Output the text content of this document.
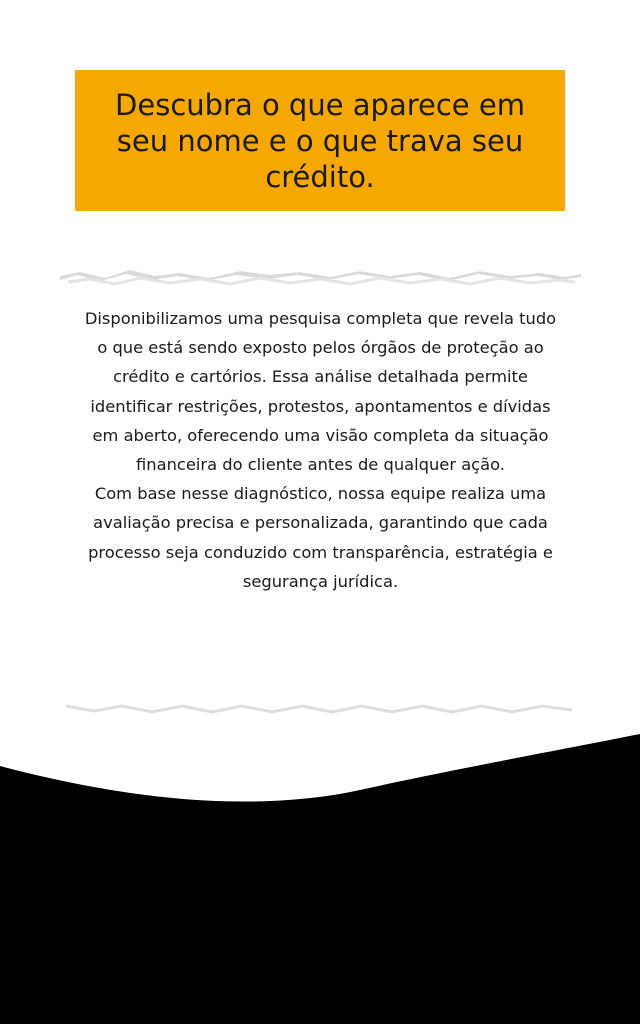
Descubra o que aparece em seu nome e o que trava seu crédito.

Disponibilizamos uma pesquisa completa que revela tudo o que está sendo exposto pelos órgãos de proteção ao crédito e cartórios. Essa análise detalhada permite identificar restrições, protestos, apontamentos e dívidas em aberto, oferecendo uma visão completa da situação financeira do cliente antes de qualquer ação.

Com base nesse diagnóstico, nossa equipe realiza uma avaliação precisa e personalizada, garantindo que cada processo seja conduzido com transparência, estratégia e segurança jurídica.
